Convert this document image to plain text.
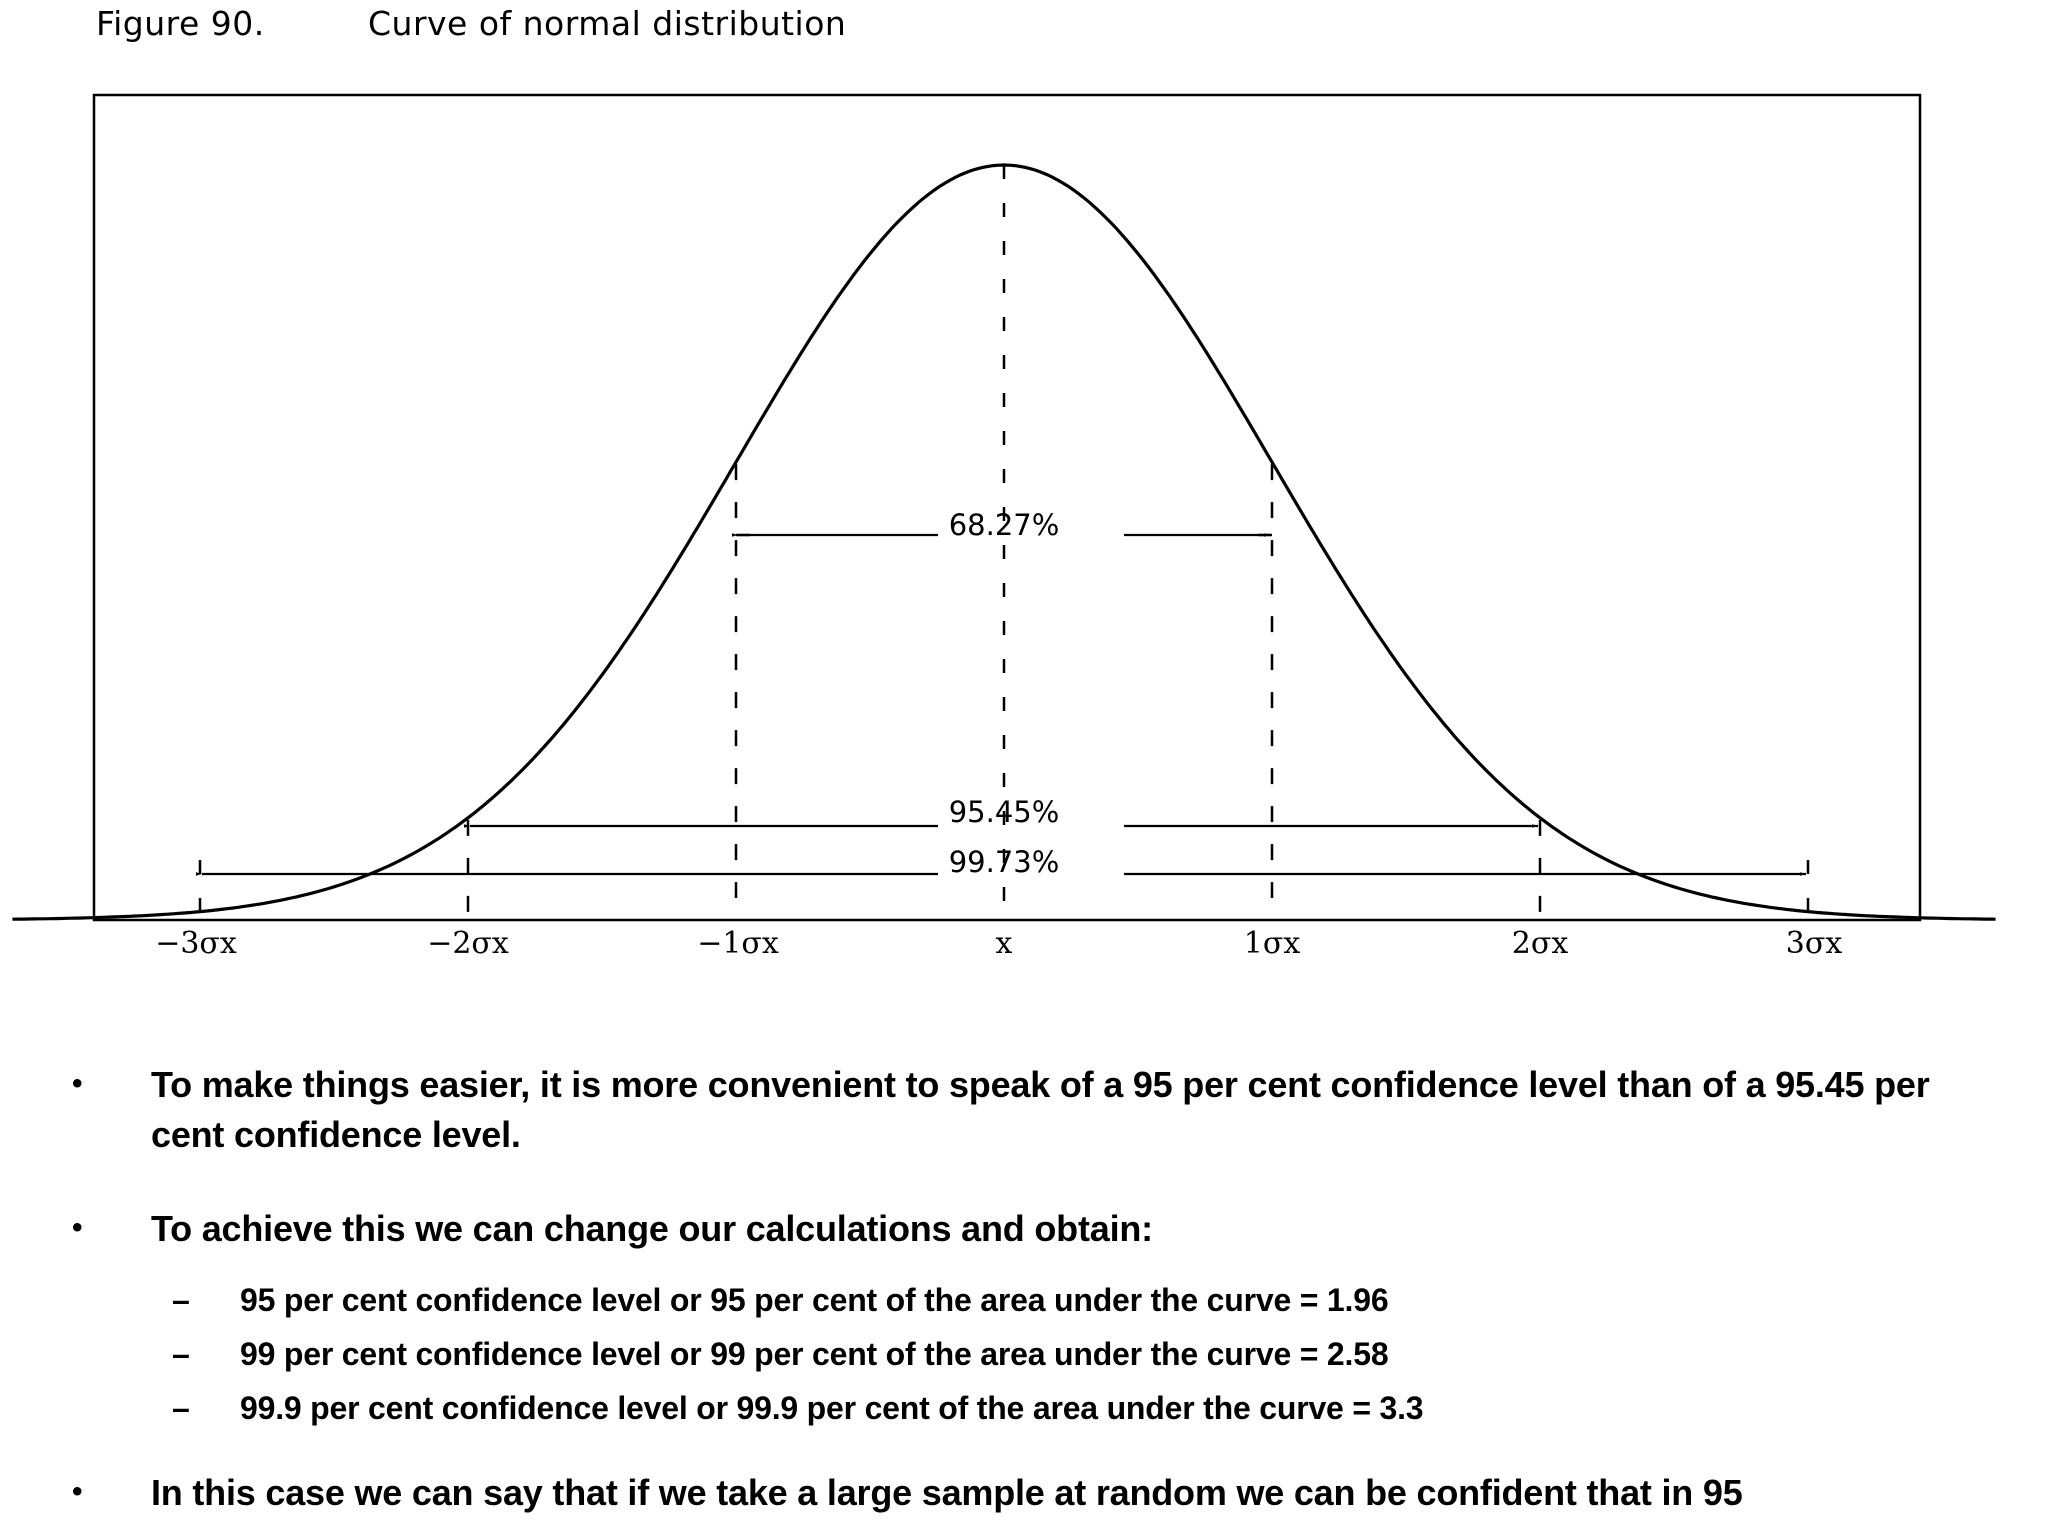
Figure 90.	Curve of normal distribution
68.27%
95.45%
99.73%
−3σx	−2σx	−1σx	x	1σx	2σx	3σx
• To make things easier, it is more convenient to speak of a 95 per cent confidence level than of a 95.45 per cent confidence level.
• To achieve this we can change our calculations and obtain:
– 95 per cent confidence level or 95 per cent of the area under the curve = 1.96
– 99 per cent confidence level or 99 per cent of the area under the curve = 2.58
– 99.9 per cent confidence level or 99.9 per cent of the area under the curve = 3.3
• In this case we can say that if we take a large sample at random we can be confident that in 95
